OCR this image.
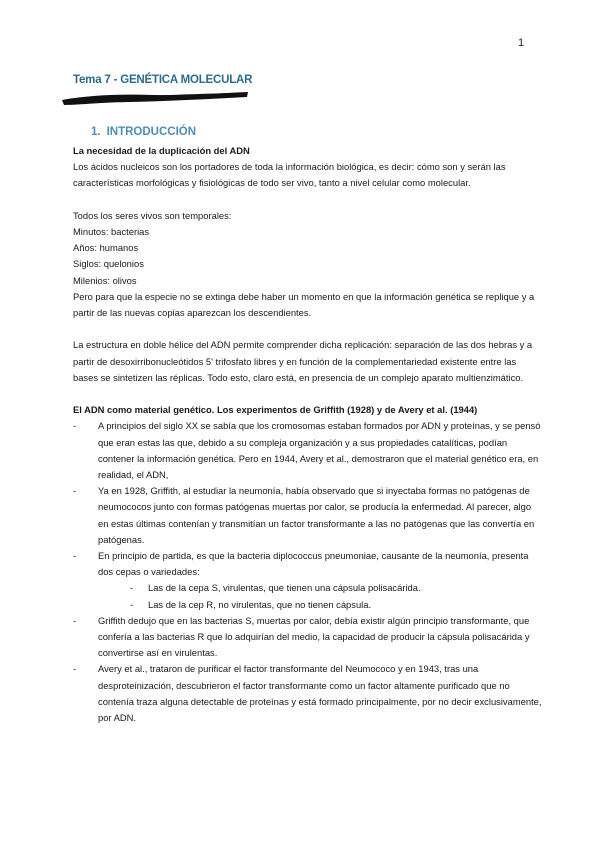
1
Tema 7 - GENÉTICA MOLECULAR
1. INTRODUCCIÓN

La necesidad de la duplicación del ADN

Los ácidos nucleicos son los portadores de toda la información biológica, es decir: cómo son y serán las características morfológicas y fisiológicas de todo ser vivo, tanto a nivel celular como molecular.

Todos los seres vivos son temporales:

Minutos: bacterias

Años: humanos

Siglos: quelonios

Milenios: olivos

Pero para que la especie no se extinga debe haber un momento en que la información genética se replique y a partir de las nuevas copias aparezcan los descendientes.

La estructura en doble hélice del ADN permite comprender dicha replicación: separación de las dos hebras y a partir de desoxirribonucleótidos 5' trifosfato libres y en función de la complementariedad existente entre las bases se sintetizen las réplicas. Todo esto, claro está, en presencia de un complejo aparato multienzimático.

El ADN como material genético. Los experimentos de Griffith (1928) y de Avery et al. (1944)

- A principios del siglo XX se sabía que los cromosomas estaban formados por ADN y proteínas, y se pensó que eran estas las que, debido a su compleja organización y a sus propiedades catalíticas, podían contener la información genética. Pero en 1944, Avery et al., demostraron que el material genético era, en realidad, el ADN,
- Ya en 1928, Griffith, al estudiar la neumonía, había observado que si inyectaba formas no patógenas de neumococos junto con formas patógenas muertas por calor, se producía la enfermedad. Al parecer, algo en estas últimas contenían y transmitían un factor transformante a las no patógenas que las convertía en patógenas.
- En principio de partida, es que la bacteria diplococcus pneumoniae, causante de la neumonía, presenta dos cepas o variedades:
- Las de la cepa S, virulentas, que tienen una cápsula polisacárida.
- Las de la cep R, no virulentas, que no tienen cápsula.
- Griffith dedujo que en las bacterias S, muertas por calor, debía existir algún principio transformante, que confería a las bacterias R que lo adquirían del medio, la capacidad de producir la cápsula polisacárida y convertirse así en virulentas.
- Avery et al., trataron de purificar el factor transformante del Neumococo y en 1943, tras una desproteinización, descubrieron el factor transformante como un factor altamente purificado que no contenía traza alguna detectable de proteínas y está formado principalmente, por no decir exclusivamente, por ADN.
